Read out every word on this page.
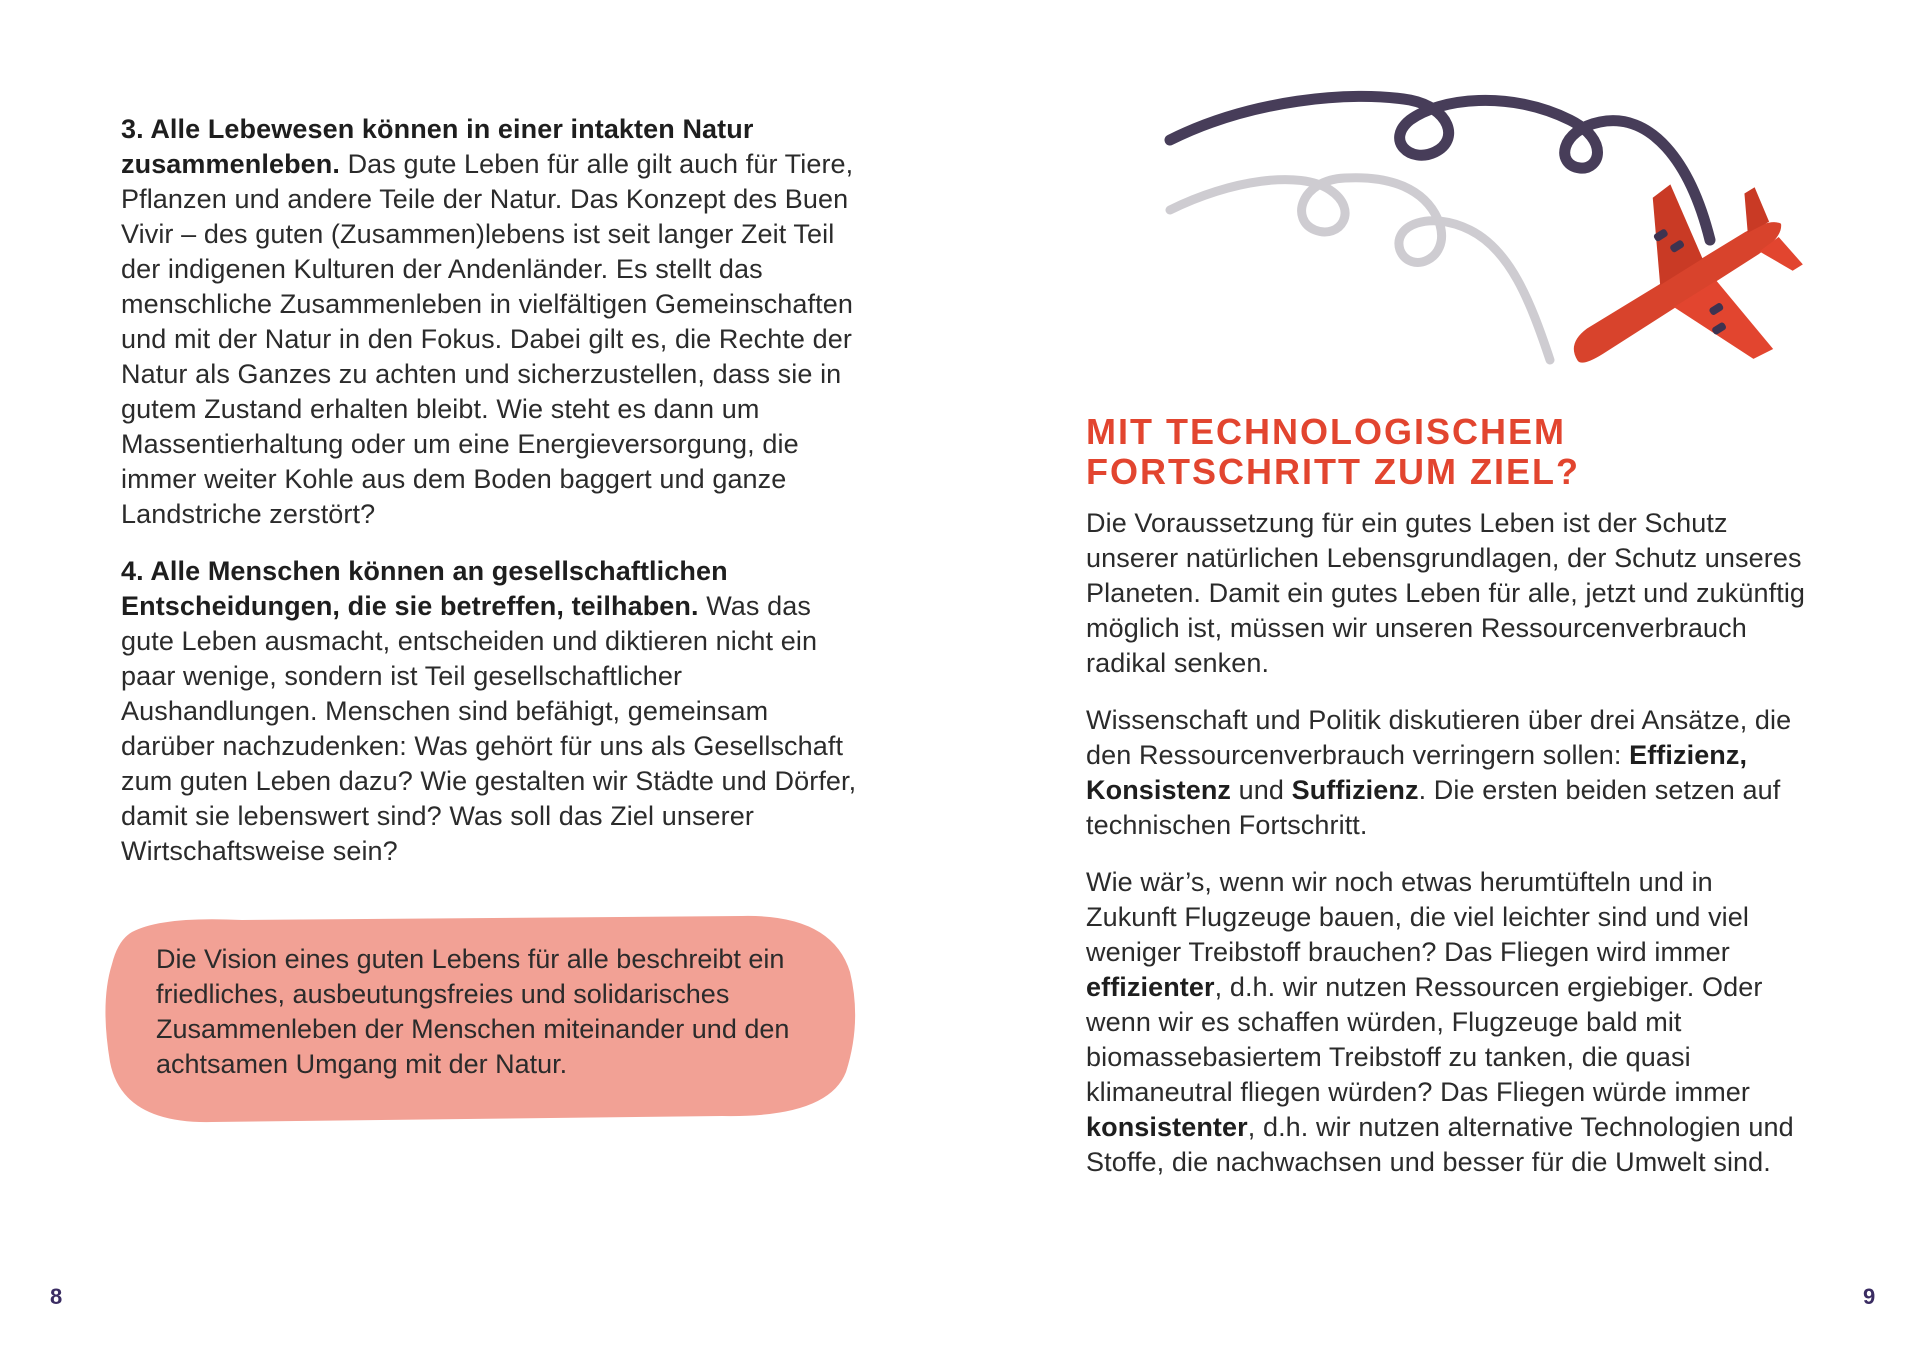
3. Alle Lebewesen können in einer intakten Natur zusammenleben. Das gute Leben für alle gilt auch für Tiere, Pflanzen und andere Teile der Natur. Das Konzept des Buen Vivir – des guten (Zusammen)lebens ist seit langer Zeit Teil der indigenen Kulturen der Andenländer. Es stellt das menschliche Zusammenleben in vielfältigen Gemeinschaften und mit der Natur in den Fokus. Dabei gilt es, die Rechte der Natur als Ganzes zu achten und sicherzustellen, dass sie in gutem Zustand erhalten bleibt. Wie steht es dann um Massentierhaltung oder um eine Energieversorgung, die immer weiter Kohle aus dem Boden baggert und ganze Landstriche zerstört?

4. Alle Menschen können an gesellschaftlichen Entscheidungen, die sie betreffen, teilhaben. Was das gute Leben ausmacht, entscheiden und diktieren nicht ein paar wenige, sondern ist Teil gesellschaftlicher Aushandlungen. Menschen sind befähigt, gemeinsam darüber nachzudenken: Was gehört für uns als Gesellschaft zum guten Leben dazu? Wie gestalten wir Städte und Dörfer, damit sie lebenswert sind? Was soll das Ziel unserer Wirtschaftsweise sein?

Die Vision eines guten Lebens für alle beschreibt ein friedliches, ausbeutungsfreies und solidarisches Zusammenleben der Menschen miteinander und den achtsamen Umgang mit der Natur.

8
MIT TECHNOLOGISCHEM
FORTSCHRITT ZUM ZIEL?

Die Voraussetzung für ein gutes Leben ist der Schutz unserer natürlichen Lebensgrundlagen, der Schutz unseres Planeten. Damit ein gutes Leben für alle, jetzt und zukünftig möglich ist, müssen wir unseren Ressourcenverbrauch radikal senken.

Wissenschaft und Politik diskutieren über drei Ansätze, die den Ressourcenverbrauch verringern sollen: Effizienz, Konsistenz und Suffizienz. Die ersten beiden setzen auf technischen Fortschritt.

Wie wär’s, wenn wir noch etwas herumtüfteln und in Zukunft Flugzeuge bauen, die viel leichter sind und viel weniger Treibstoff brauchen? Das Fliegen wird immer effizienter, d.h. wir nutzen Ressourcen ergiebiger. Oder wenn wir es schaffen würden, Flugzeuge bald mit biomassebasiertem Treibstoff zu tanken, die quasi klimaneutral fliegen würden? Das Fliegen würde immer konsistenter, d.h. wir nutzen alternative Technologien und Stoffe, die nachwachsen und besser für die Umwelt sind.

9
